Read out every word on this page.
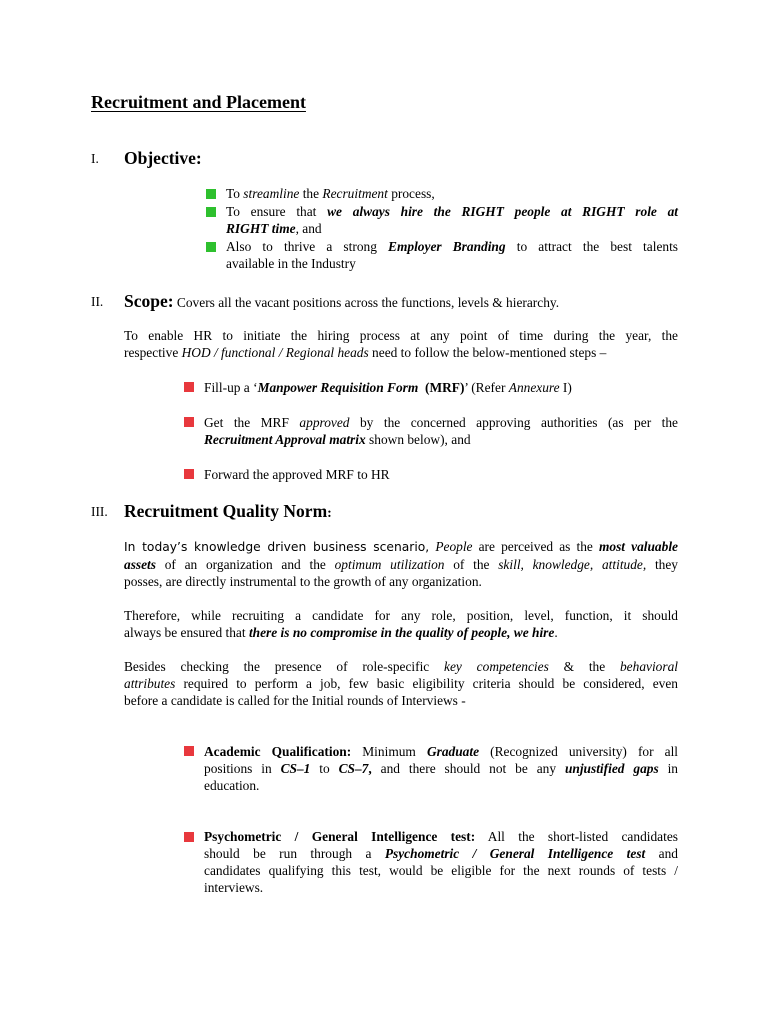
Recruitment and Placement
I. Objective:
To streamline the Recruitment process,
To ensure that we always hire the RIGHT people at RIGHT role at
RIGHT time, and
Also to thrive a strong Employer Branding to attract the best talents
available in the Industry
II. Scope: Covers all the vacant positions across the functions, levels & hierarchy.
To enable HR to initiate the hiring process at any point of time during the year, the
respective HOD / functional / Regional heads need to follow the below-mentioned steps –
Fill-up a ‘Manpower Requisition Form  (MRF)’ (Refer Annexure I)
Get the MRF approved by the concerned approving authorities (as per the
Recruitment Approval matrix shown below), and
Forward the approved MRF to HR
III. Recruitment Quality Norm:
In today’s knowledge driven business scenario, People are perceived as the most valuable
assets of an organization and the optimum utilization of the skill, knowledge, attitude, they
posses, are directly instrumental to the growth of any organization.
Therefore, while recruiting a candidate for any role, position, level, function, it should
always be ensured that there is no compromise in the quality of people, we hire.
Besides checking the presence of role-specific key competencies & the behavioral
attributes required to perform a job, few basic eligibility criteria should be considered, even
before a candidate is called for the Initial rounds of Interviews -
Academic Qualification: Minimum Graduate (Recognized university) for all
positions in CS–1 to CS–7, and there should not be any unjustified gaps in
education.
Psychometric / General Intelligence test: All the short-listed candidates
should be run through a Psychometric / General Intelligence test and
candidates qualifying this test, would be eligible for the next rounds of tests /
interviews.
